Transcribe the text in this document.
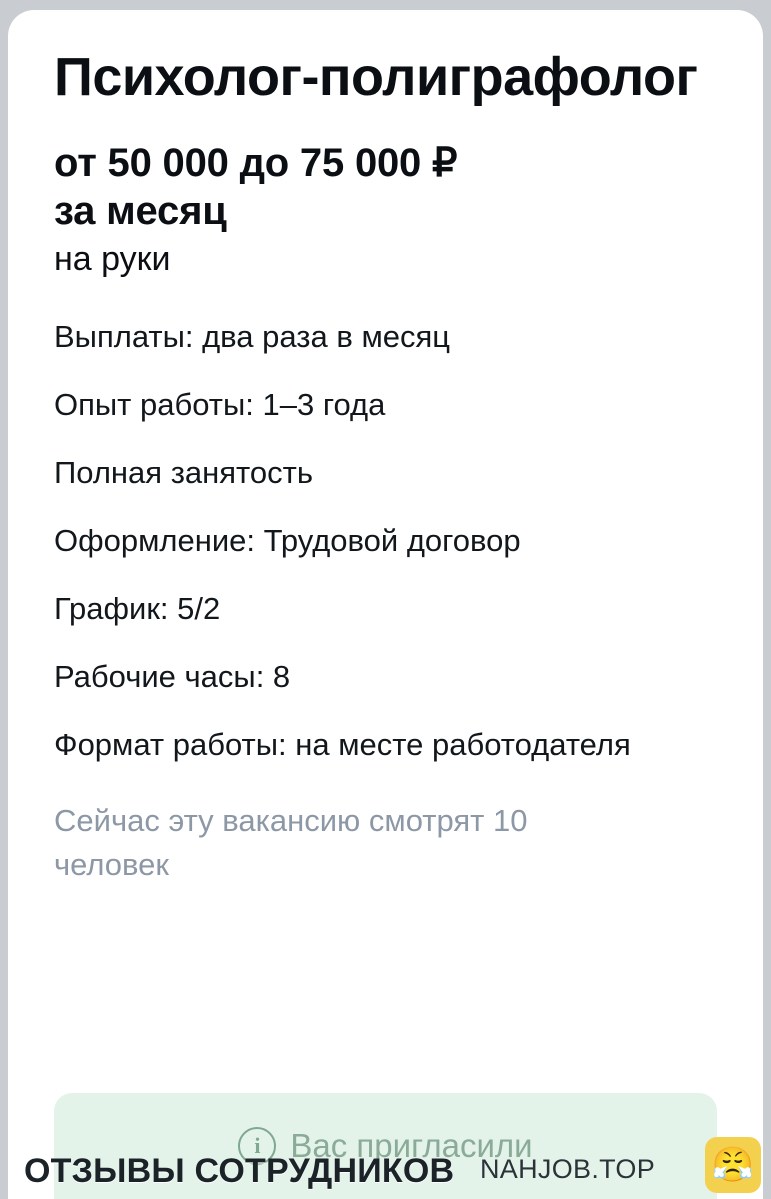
Психолог-полиграфолог

от 50 000 до 75 000 ₽

за месяц

на руки

Выплаты: два раза в месяц

Опыт работы: 1–3 года

Полная занятость

Оформление: Трудовой договор

График: 5/2

Рабочие часы: 8

Формат работы: на месте работодателя

Сейчас эту вакансию смотрят 10 человек

i Вас пригласили
ОТЗЫВЫ СОТРУДНИКОВ NAHJOB.TOP 😤
